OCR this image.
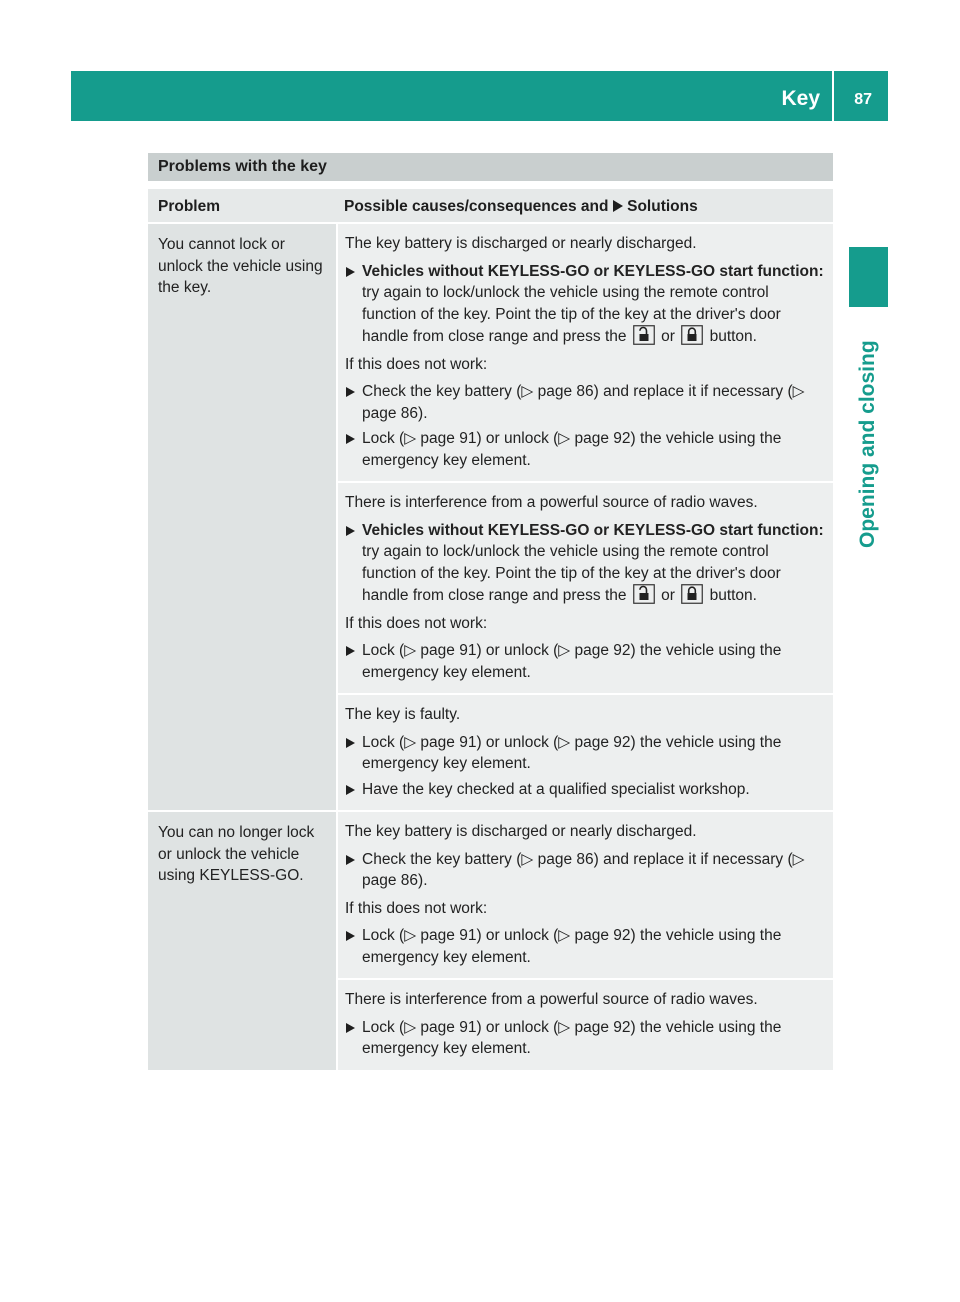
Key 87
Opening and closing
Problems with the key
Problem	Possible causes/consequences and Solutions
You cannot lock or unlock the vehicle using the key.

The key battery is discharged or nearly discharged.

Vehicles without KEYLESS-GO or KEYLESS-GO start function: try again to lock/unlock the vehicle using the remote control function of the key. Point the tip of the key at the driver's door handle from close range and press the or button.

If this does not work:

Check the key battery (▷ page 86) and replace it if necessary (▷ page 86).
Lock (▷ page 91) or unlock (▷ page 92) the vehicle using the emergency key element.

There is interference from a powerful source of radio waves.

Vehicles without KEYLESS-GO or KEYLESS-GO start function: try again to lock/unlock the vehicle using the remote control function of the key. Point the tip of the key at the driver's door handle from close range and press the or button.

If this does not work:

Lock (▷ page 91) or unlock (▷ page 92) the vehicle using the emergency key element.

The key is faulty.

Lock (▷ page 91) or unlock (▷ page 92) the vehicle using the emergency key element.
Have the key checked at a qualified specialist workshop.
You can no longer lock or unlock the vehicle using KEYLESS-GO.

The key battery is discharged or nearly discharged.

Check the key battery (▷ page 86) and replace it if necessary (▷ page 86).

If this does not work:

Lock (▷ page 91) or unlock (▷ page 92) the vehicle using the emergency key element.

There is interference from a powerful source of radio waves.

Lock (▷ page 91) or unlock (▷ page 92) the vehicle using the emergency key element.
